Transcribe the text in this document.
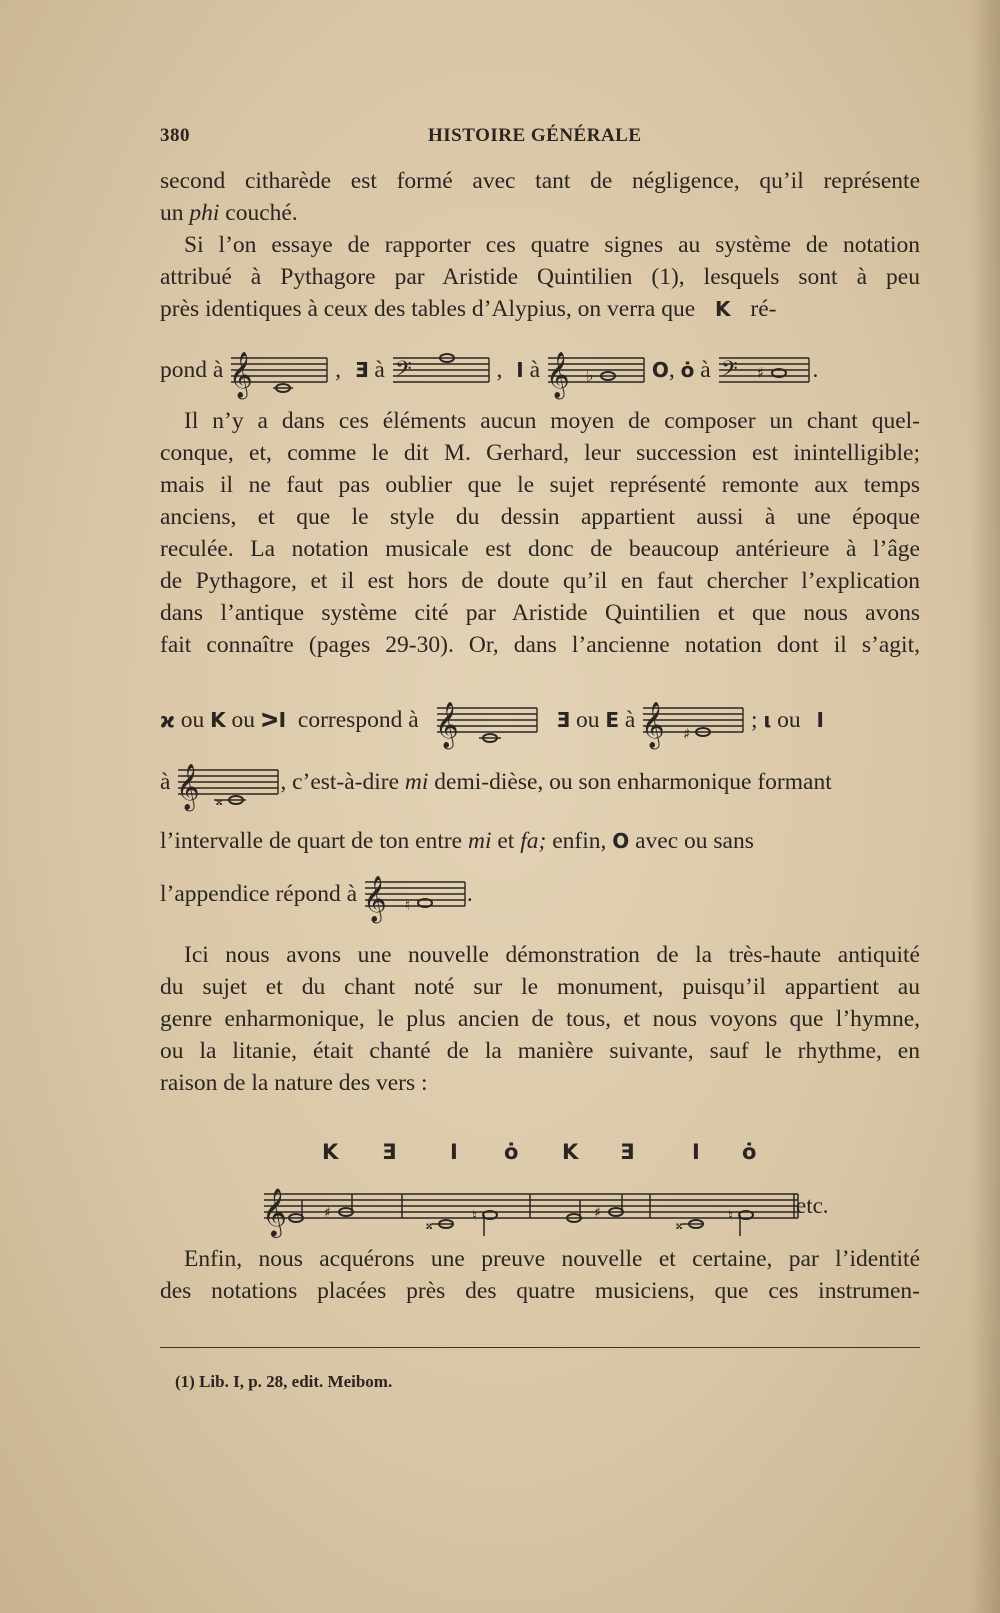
380	HISTOIRE GÉNÉRALE
second citharède est formé avec tant de négligence, qu’il représente
un phi couché.
Si l’on essaye de rapporter ces quatre signes au système de notation
attribué à Pythagore par Aristide Quintilien (1), lesquels sont à peu
près identiques à ceux des tables d’Alypius, on verra que K ré-
pond à 𝄞	, Ǝ à 𝄢	, I à 𝄞 ♭	O, ȯ à 𝄢 ♯ .
Il n’y a dans ces éléments aucun moyen de composer un chant quel-
conque, et, comme le dit M. Gerhard, leur succession est inintelligible;
mais il ne faut pas oublier que le sujet représenté remonte aux temps
anciens, et que le style du dessin appartient aussi à une époque
reculée. La notation musicale est donc de beaucoup antérieure à l’âge
de Pythagore, et il est hors de doute qu’il en faut chercher l’explication
dans l’antique système cité par Aristide Quintilien et que nous avons
fait connaître (pages 29-30). Or, dans l’ancienne notation dont il s’agit,
ϰ ou K ou ᐳI correspond à 𝄞	Ǝ ou E à 𝄞 ♯
; ι ou I
à 𝄞 𝄪
, c’est-à-dire mi demi-dièse, ou son enharmonique formant
l’intervalle de quart de ton entre mi et fa; enfin, O avec ou sans
l’appendice répond à 𝄞 ♮ .
Ici nous avons une nouvelle démonstration de la très-haute antiquité
du sujet et du chant noté sur le monument, puisqu’il appartient au
genre enharmonique, le plus ancien de tous, et nous voyons que l’hymne,
ou la litanie, était chanté de la manière suivante, sauf le rhythme, en
raison de la nature des vers :
Enfin, nous acquérons une preuve nouvelle et certaine, par l’identité
des notations placées près des quatre musiciens, que ces instrumen-
K Ǝ	I ȯ K Ǝ	I ȯ
𝄞	♯
𝄪
♮	♯
𝄪
♮	etc.
(1) Lib. I, p. 28, edit. Meibom.
